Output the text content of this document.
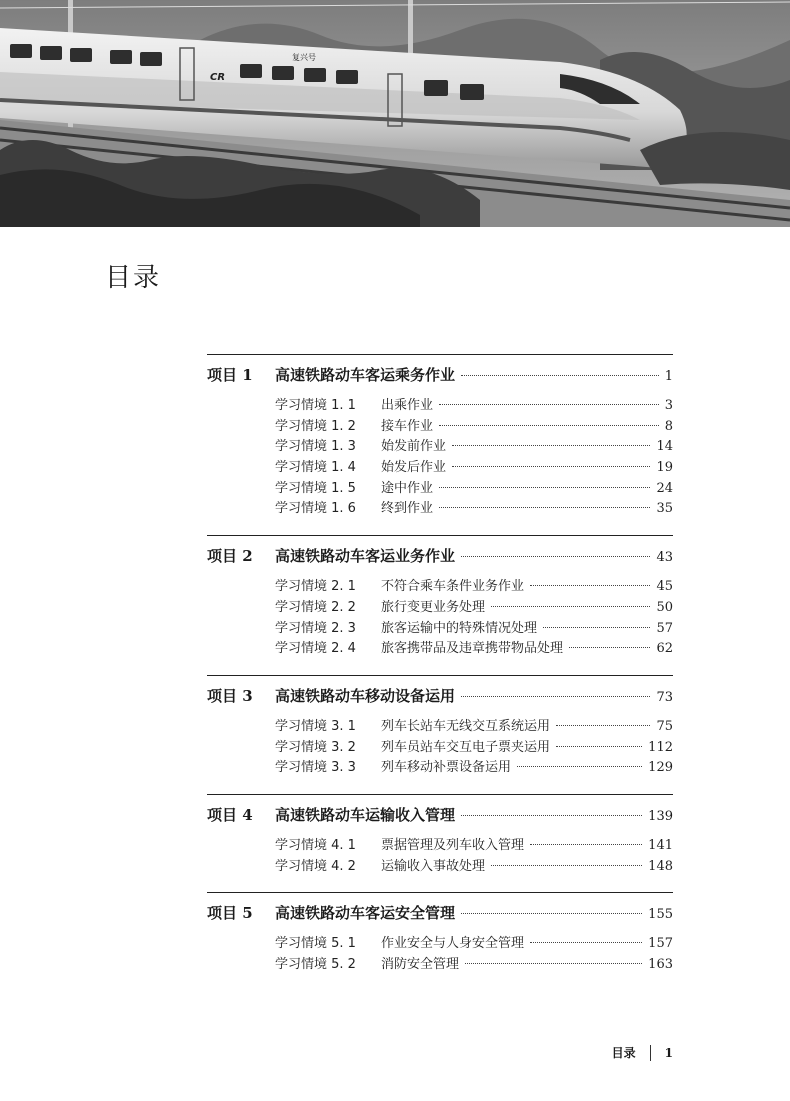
CR
复兴号
目录
项目 1	高速铁路动车客运乘务作业	1
学习情境 1. 1	出乘作业	3
学习情境 1. 2	接车作业	8
学习情境 1. 3	始发前作业	14
学习情境 1. 4	始发后作业	19
学习情境 1. 5	途中作业	24
学习情境 1. 6	终到作业	35
项目 2	高速铁路动车客运业务作业	43
学习情境 2. 1	不符合乘车条件业务作业	45
学习情境 2. 2	旅行变更业务处理	50
学习情境 2. 3	旅客运输中的特殊情况处理	57
学习情境 2. 4	旅客携带品及违章携带物品处理	62
项目 3	高速铁路动车移动设备运用	73
学习情境 3. 1	列车长站车无线交互系统运用	75
学习情境 3. 2	列车员站车交互电子票夹运用	112
学习情境 3. 3	列车移动补票设备运用	129
项目 4	高速铁路动车运输收入管理	139
学习情境 4. 1	票据管理及列车收入管理	141
学习情境 4. 2	运输收入事故处理	148
项目 5	高速铁路动车客运安全管理	155
学习情境 5. 1	作业安全与人身安全管理	157
学习情境 5. 2	消防安全管理	163
目录 1
